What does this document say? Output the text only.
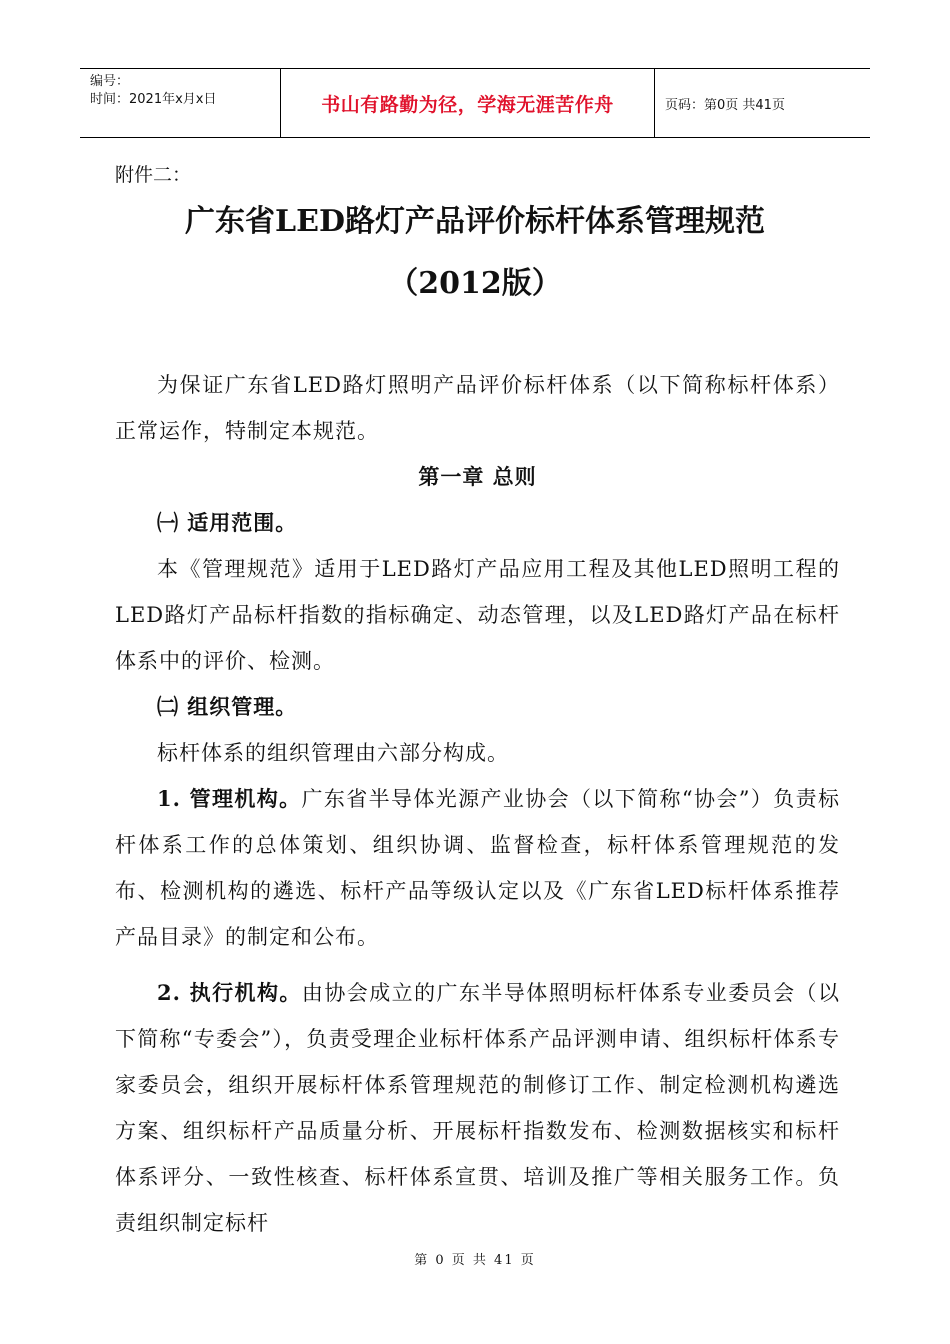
编号：
时间：2021年x月x日	书山有路勤为径，学海无涯苦作舟	页码：第0页 共41页
附件二：
广东省LED路灯产品评价标杆体系管理规范
（2012版）

为保证广东省LED路灯照明产品评价标杆体系（以下简称标杆体系）正常运作，特制定本规范。

第一章 总则

㈠ 适用范围。

本《管理规范》适用于LED路灯产品应用工程及其他LED照明工程的LED路灯产品标杆指数的指标确定、动态管理，以及LED路灯产品在标杆体系中的评价、检测。

㈡ 组织管理。

标杆体系的组织管理由六部分构成。

1. 管理机构。广东省半导体光源产业协会（以下简称“协会”）负责标杆体系工作的总体策划、组织协调、监督检查，标杆体系管理规范的发布、检测机构的遴选、标杆产品等级认定以及《广东省LED标杆体系推荐产品目录》的制定和公布。

2. 执行机构。由协会成立的广东半导体照明标杆体系专业委员会（以下简称“专委会”），负责受理企业标杆体系产品评测申请、组织标杆体系专家委员会，组织开展标杆体系管理规范的制修订工作、制定检测机构遴选方案、组织标杆产品质量分析、开展标杆指数发布、检测数据核实和标杆体系评分、一致性核查、标杆体系宣贯、培训及推广等相关服务工作。负责组织制定标杆

第 0 页 共 41 页
